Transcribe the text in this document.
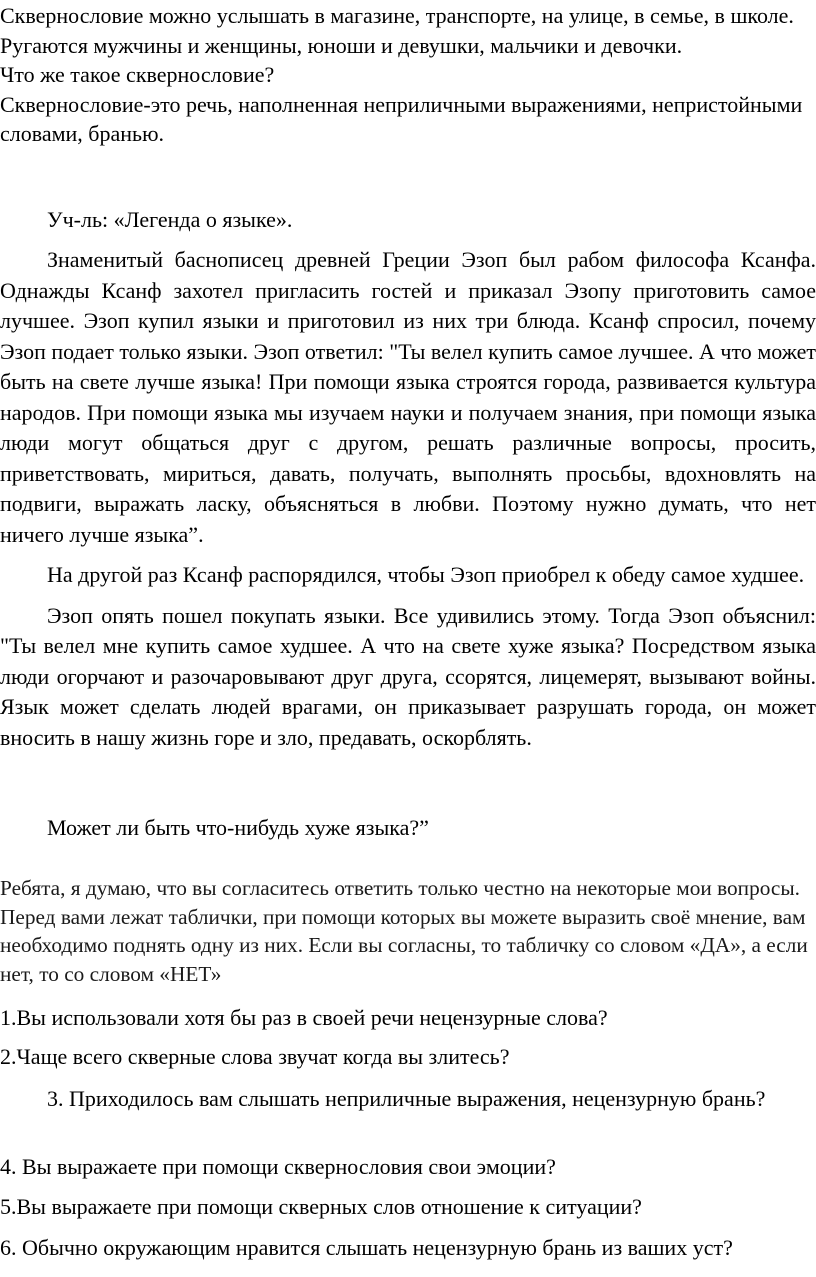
Сквернословие можно услышать в магазине, транспорте, на улице, в семье, в школе.

Ругаются мужчины и женщины, юноши и девушки, мальчики и девочки.

Что же такое сквернословие?

Сквернословие-это речь, наполненная неприличными выражениями, непристойными словами, бранью.

Уч-ль: «Легенда о языке».

Знаменитый баснописец древней Греции Эзоп был рабом философа Ксанфа. Однажды Ксанф захотел пригласить гостей и приказал Эзопу приготовить самое лучшее. Эзоп купил языки и приготовил из них три блюда. Ксанф спросил, почему Эзоп подает только языки. Эзоп ответил: "Ты велел купить самое лучшее. А что может быть на свете лучше языка! При помощи языка строятся города, развивается культура народов. При помощи языка мы изучаем науки и получаем знания, при помощи языка люди могут общаться друг с другом, решать различные вопросы, просить, приветствовать, мириться, давать, получать, выполнять просьбы, вдохновлять на подвиги, выражать ласку, объясняться в любви. Поэтому нужно думать, что нет ничего лучше языка”.

На другой раз Ксанф распорядился, чтобы Эзоп приобрел к обеду самое худшее.

Эзоп опять пошел покупать языки. Все удивились этому. Тогда Эзоп объяснил: "Ты велел мне купить самое худшее. А что на свете хуже языка? Посредством языка люди огорчают и разочаровывают друг друга, ссорятся, лицемерят, вызывают войны. Язык может сделать людей врагами, он приказывает разрушать города, он может вносить в нашу жизнь горе и зло, предавать, оскорблять.

Может ли быть что-нибудь хуже языка?”

Ребята, я думаю, что вы согласитесь ответить только честно на некоторые мои вопросы. Перед вами лежат таблички, при помощи которых вы можете выразить своё мнение, вам необходимо поднять одну из них. Если вы согласны, то табличку со словом «ДА», а если нет, то со словом «НЕТ»

1.Вы использовали хотя бы раз в своей речи нецензурные слова?

2.Чаще всего скверные слова звучат когда вы злитесь?

3. Приходилось вам слышать неприличные выражения, нецензурную брань?

4. Вы выражаете при помощи сквернословия свои эмоции?

5.Вы выражаете при помощи скверных слов отношение к ситуации?

6. Обычно окружающим нравится слышать нецензурную брань из ваших уст?
